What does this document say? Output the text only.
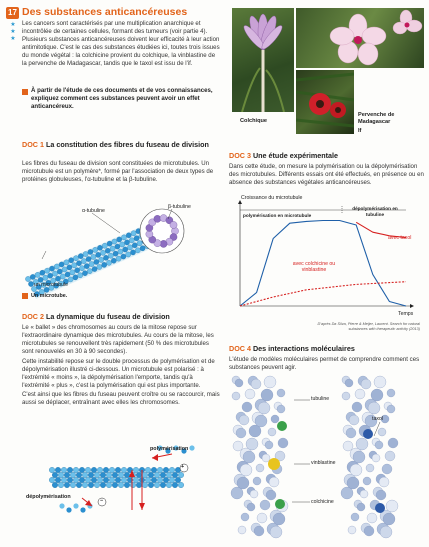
17 Des substances anticancéreuses
★
★
★
Les cancers sont caractérisés par une multiplication anarchique et incontrôlée de certaines cellules, formant des tumeurs (voir partie 4). Plusieurs substances anticancéreuses doivent leur efficacité à leur action antimitotique. C'est le cas des substances étudiées ici, toutes trois issues du monde végétal : la colchicine provient du colchique, la vinblastine de la pervenche de Madagascar, tandis que le taxol est issu de l'if.
À partir de l'étude de ces documents et de vos connaissances, expliquez comment ces substances peuvent avoir un effet anticancéreux.
Colchique
Pervenche de Madagascar
If
DOC 1 La constitution des fibres du fuseau de division
Les fibres du fuseau de division sont constituées de microtubules. Un microtubule est un polymère*, formé par l'association de deux types de protéines globuleuses, l'α-tubuline et la β-tubuline.
α-tubuline
β-tubuline
un microtubule
Un microtube.
DOC 2 La dynamique du fuseau de division
Le « ballet » des chromosomes au cours de la mitose repose sur l'extraordinaire dynamique des microtubules. Au cours de la mitose, les microtubules se renouvellent très rapidement (50 % des microtubules sont renouvelés en 30 à 90 secondes).
Cette instabilité repose sur le double processus de polymérisation et de dépolymérisation illustré ci-dessous. Un microtubule est polarisé : à l'extrémité « moins », la dépolymérisation l'emporte, tandis qu'à l'extrémité « plus », c'est la polymérisation qui est plus importante.
C'est ainsi que les fibres du fuseau peuvent croître ou se raccourcir, mais aussi se déplacer, entraînant avec elles les chromosomes.
polymérisation
dépolymérisation
+
−
DOC 3 Une étude expérimentale
Dans cette étude, on mesure la polymérisation ou la dépolymérisation des microtubules. Différents essais ont été effectués, en présence ou en absence des substances végétales anticancéreuses.
Croissance du microtubule
polymérisation en microtubule
dépolymérisation en tubuline
avec taxol
avec colchicine ou vinblastine
Temps
D'après Da Silva, Pierre & Meijer, Laurent. Search for natural substances with therapeutic activity (2013)
DOC 4 Des interactions moléculaires
L'étude de modèles moléculaires permet de comprendre comment ces substances peuvent agir.
tubuline
taxol
vinblastine
colchicine
